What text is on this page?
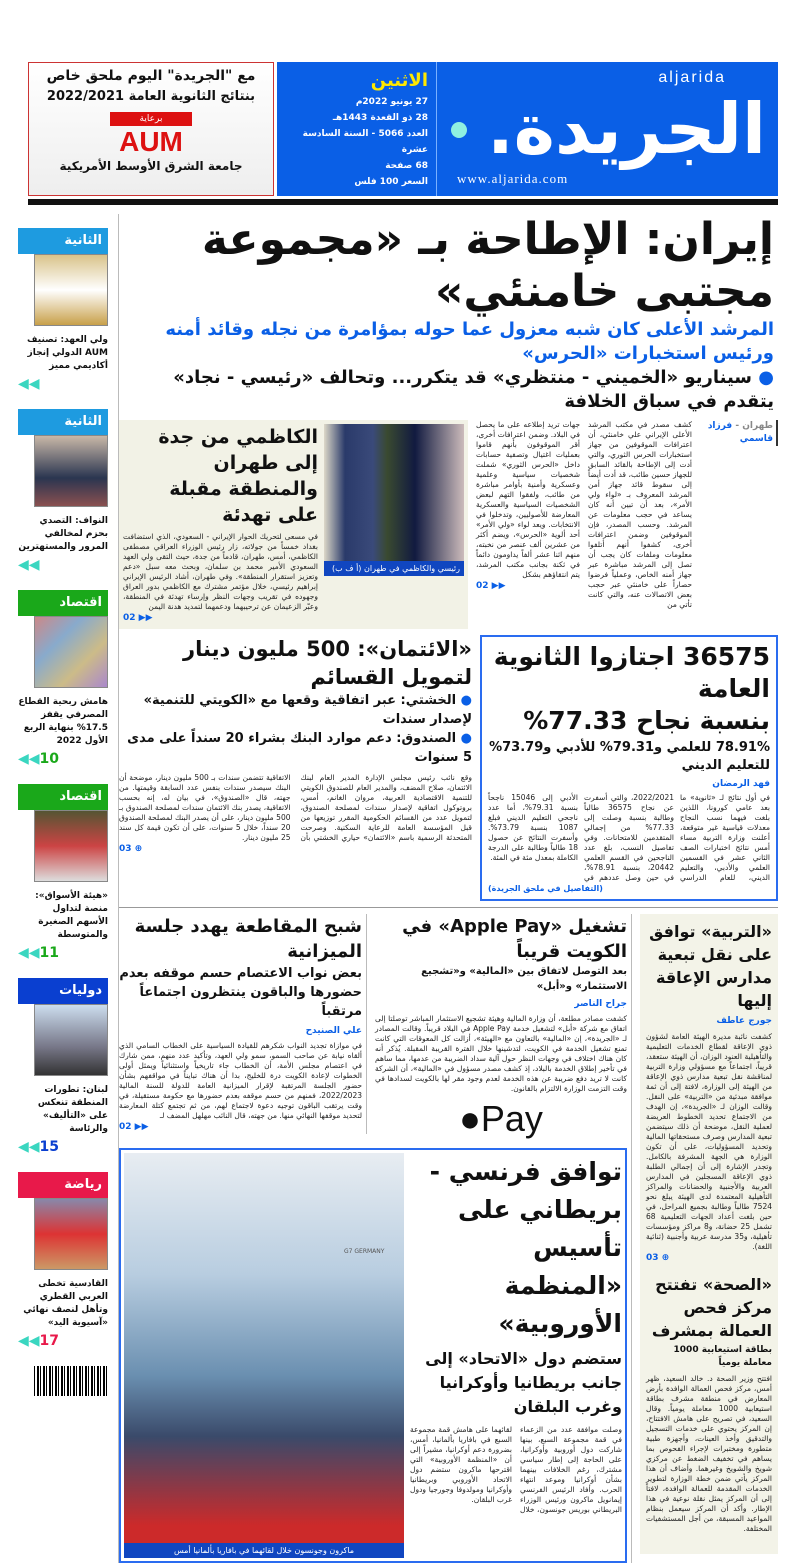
مع "الجريدة" اليوم ملحق خاص
بنتائج الثانوية العامة 2022/2021
برعاية
AUM
جامعة الشرق الأوسط الأمريكية
الاثنين
27 يونيو 2022م
28 ذو القعدة 1443هـ
العدد 5066 - السنة السادسة عشرة
68 صفحة
السعر 100 فلس
aljarida
الجريدة.
www.aljarida.com
الثانية
ولي العهد: تصنيف AUM الدولي إنجاز أكاديمي مميز
◀◀
الثانية
النواف: التصدي بحزم لمخالفي المرور والمستهترين
◀◀
اقتصاد
هامش ربحية القطاع المصرفي يقفز 17.5% بنهاية الربع الأول 2022
◀◀10
اقتصاد
«هيئة الأسواق»: منصة لتداول الأسهم الصغيرة والمتوسطة
◀◀11
دوليات
لبنان: تطورات المنطقة تنعكس على «التأليف» والرئاسة
◀◀15
رياضة
القادسية تخطى العربي القطري وتأهل لنصف نهائي «آسيوية اليد»
◀◀17
إيران: الإطاحة بـ «مجموعة مجتبى خامنئي»
المرشد الأعلى كان شبه معزول عما حوله بمؤامرة من نجله وقائد أمنه ورئيس استخبارات «الحرس»
● سيناريو «الخميني - منتظري» قد يتكرر... وتحالف «رئيسي - نجاد» يتقدم في سباق الخلافة
طهران - فرزاد قاسمي
كشف مصدر في مكتب المرشد الأعلى الإيراني علي خامنئي، أن اعترافات الموقوفين من جهاز استخبارات الحرس الثوري، والتي أدت إلى الإطاحة بالقائد السابق للجهاز حسين طائب، قد أدت أيضاً إلى سقوط قائد جهاز أمن المرشد المعروف بـ «لواء ولي الأمر»، بعد أن تبين أنه كان يساعد في حجب معلومات عن المرشد. وحسب المصدر، فإن الموقوفين وضمن اعترافات أخرى، كشفوا أنهم أتلفوا معلومات وملفات كان يجب أن تصل إلى المرشد مباشرة عبر جهاز أمنه الخاص، وعملياً فرضوا حصاراً على خامنئي عبر حجب بعض الاتصالات عنه، والتي كانت تأتي من
جهات تريد إطلاعه على ما يحصل في البلاد. وضمن اعترافات أخرى، أقر الموقوفون بأنهم قاموا بعمليات اغتيال وتصفية حسابات داخل «الحرس الثوري» شملت شخصيات سياسية وعلمية وعسكرية وأمنية بأوامر مباشرة من طائب، ولفقوا التهم لبعض الشخصيات السياسية والعسكرية المعارضة للأصوليين، وتدخلوا في الانتخابات. ويعد لواء «ولي الأمر» أحد ألوية «الحرس»، ويضم أكثر من عشرين ألف عنصر من نخبته، منهم اثنا عشر ألفاً يداومون دائماً في ثكنة بجانب مكتب المرشد، يتم انتقاؤهم بشكل
02 ▶▶
رئيسي والكاظمي في طهران (أ ف ب)
الكاظمي من جدة إلى طهران والمنطقة مقبلة على تهدئة
في مسعى لتحريك الحوار الإيراني - السعودي، الذي استضافت بغداد خمساً من جولاته، زار رئيس الوزراء العراقي مصطفى الكاظمي، أمس، طهران، قادماً من جدة، حيث التقى ولي العهد السعودي الأمير محمد بن سلمان، وبحث معه سبل «دعم وتعزيز استقرار المنطقة». وفي طهران، أشاد الرئيس الإيراني إبراهيم رئيسي، خلال مؤتمر مشترك مع الكاظمي بدور العراق وجهوده في تقريب وجهات النظر وإرساء تهدئة في المنطقة، وعبّر الزعيمان عن ترحيبهما ودعمهما لتمديد هدنة اليمن
02 ▶▶
36575 اجتازوا الثانوية العامة
بنسبة نجاح 77.33%
78.91% للعلمي و79.31% للأدبي و73.79% للتعليم الديني
فهد الرمضان
في أول نتائج لـ «ثانوية» ما بعد عامي كورونا، اللذين بلغت فيهما نسب النجاح معدلات قياسية غير متوقعة، أعلنت وزارة التربية مساء أمس نتائج اختبارات الصف الثاني عشر في القسمين العلمي والأدبي، والتعليم الديني، للعام الدراسي 2022/2021، والتي أسفرت عن نجاح 36575 طالباً وطالبة بنسبة وصلت إلى 77.33% من إجمالي المتقدمين للامتحانات. وفي تفاصيل النسب، بلغ عدد الناجحين في القسم العلمي 20442، بنسبة 78.91%، في حين وصل عددهم في الأدبي إلى 15046 ناجحاً بنسبة 79.31%، أما عدد ناجحي التعليم الديني فبلغ 1087 بنسبة 73.79%. وأسفرت النتائج عن حصول 18 طالباً وطالبة على الدرجة الكاملة بمعدل مئة في المئة.
(التفاصيل في ملحق الجريدة)
«الائتمان»: 500 مليون دينار لتمويل القسائم
● الخشتي: عبر اتفاقية وقعها مع «الكويتي للتنمية» لإصدار سندات
● الصندوق: دعم موارد البنك بشراء 20 سنداً على مدى 5 سنوات
وقع نائب رئيس مجلس الإدارة المدير العام لبنك الائتمان، صلاح المضف، والمدير العام للصندوق الكويتي للتنمية الاقتصادية العربية، مروان الغانم، أمس، بروتوكول اتفاقية لإصدار سندات لمصلحة الصندوق، لتمويل عدد من القسائم الحكومية المقرر توزيعها من قبل المؤسسة العامة للرعاية السكنية. وصرحت المتحدثة الرسمية باسم «الائتمان» حياري الخشتي بأن الاتفاقية تتضمن سندات بـ 500 مليون دينار، موضحة أن البنك سيصدر سندات بنفس عدد السابقة وقيمتها. من جهته، قال «الصندوق»، في بيان له، إنه بحسب الاتفاقية، يصدر بنك الائتمان سندات لمصلحة الصندوق بـ 500 مليون دينار، على أن يصدر البنك لمصلحة الصندوق 20 سنداً، خلال 5 سنوات، على أن تكون قيمة كل سند 25 مليون دينار.
03 ⊕
«التربية» توافق على نقل تبعية مدارس الإعاقة إليها
جورج عاطف
كشفت نائبة مديرة الهيئة العامة لشؤون ذوي الإعاقة لقطاع الخدمات التعليمية والتأهيلية العنود الوزان، أن الهيئة ستعقد، قريباً، اجتماعاً مع مسؤولي وزارة التربية لمناقشة نقل تبعية مدارس ذوي الإعاقة من الهيئة إلى الوزارة، لافتة إلى أن ثمة موافقة مبدئية من «التربية» على النقل. وقالت الوزان لـ «الجريدة»، إن الهدف من الاجتماع تحديد الخطوط العريضة لعملية النقل، موضحة أن ذلك سيتضمن تبعية المدارس وصرف مستحقاتها المالية وتحديد المسؤوليات، على أن تكون الوزارة هي الجهة المشرفة بالكامل. وتجدر الإشارة إلى أن إجمالي الطلبة ذوي الإعاقة المسجلين في المدارس العربية والأجنبية والحضانات والمراكز التأهيلية المعتمدة لدى الهيئة يبلغ نحو 7524 طالباً وطالبة بجميع المراحل، في حين بلغت أعداد الجهات التعليمية 68 تشمل 25 حضانة، و8 مراكز ومؤسسات تأهيلية، و35 مدرسة عربية وأجنبية (ثنائية اللغة).
03 ⊕
«الصحة» تفتتح مركز فحص العمالة بمشرف
بطاقة استيعابية 1000 معاملة يومياً
افتتح وزير الصحة د. خالد السعيد، ظهر أمس، مركز فحص العمالة الوافدة بأرض المعارض في منطقة مشرف بطاقة استيعابية 1000 معاملة يومياً. وقال السعيد، في تصريح على هامش الافتتاح، إن المركز يحتوي على خدمات التسجيل والتدقيق وأخذ العينات، وأجهزة طبية متطورة ومختبرات لإجراء الفحوص بما يساهم في تخفيف الضغط عن مركزي شويخ والشويخ وغيرهما. وأضاف أن هذا المركز يأتي ضمن خطة الوزارة لتطوير الخدمات المقدمة للعمالة الوافدة، لافتاً إلى أن المركز يمثل نقلة نوعية في هذا الإطار. وأكد أن المركز سيعمل بنظام المواعيد المسبقة، من أجل المستشفيات المختلفة.
تشغيل «Apple Pay» في الكويت قريباً
بعد التوصل لاتفاق بين «المالية» و«تشجيع الاستثمار» و«أبل»
جراح الناصر
كشفت مصادر مطلعة، أن وزارة المالية وهيئة تشجيع الاستثمار المباشر توصلتا إلى اتفاق مع شركة «أبل» لتشغيل خدمة Apple Pay في البلاد قريباً. وقالت المصادر لـ «الجريدة»، إن «المالية» بالتعاون مع «الهيئة»، أزالت كل المعوقات التي كانت تمنع تشغيل الخدمة في الكويت، لتدشينها خلال الفترة القريبة المقبلة. يُذكر أنه كان هناك اختلاف في وجهات النظر حول آلية سداد الضريبة من عدمها، مما ساهم في تأخير إطلاق الخدمة بالبلاد، إذ كشف مصدر مسؤول في «المالية»، أن الشركة كانت لا تريد دفع ضريبة عن هذه الخدمة لعدم وجود مقر لها بالكويت لسدادها في وقت التزمت الوزارة الالتزام بالقانون.
●Pay
شبح المقاطعة يهدد جلسة الميزانية
بعض نواب الاعتصام حسم موقفه بعدم حضورها والباقون ينتظرون اجتماعاً مرتقباً
علي الصنيدح
في موازاة تجديد النواب شكرهم للقيادة السياسية على الخطاب السامي الذي ألقاه نيابة عن صاحب السمو، سمو ولي العهد، وتأكيد عدد منهم، ممن شارك في اعتصام مجلس الأمة، أن الخطاب جاء تاريخياً واستثنائياً ويمثل أولى الخطوات لإعادة الكويت درة للخليج، بدا أن هناك تبايناً في مواقفهم بشأن حضور الجلسة المرتقبة لإقرار الميزانية العامة للدولة للسنة المالية 2022/2023، فمنهم من حسم موقفه بعدم حضورها مع حكومة مستقيلة، في وقت يرتقب الباقون توجيه دعوة لاجتماع لهم، من ثم تجتمع كتلة المعارضة لتحديد موقفها النهائي منها. من جهته، قال النائب مهلهل المضف لـ
02 ▶▶
توافق فرنسي - بريطاني على تأسيس «المنظمة الأوروبية»
ستضم دول «الاتحاد» إلى جانب بريطانيا وأوكرانيا وغرب البلقان
وصلت موافقة عدد من الزعماء في قمة مجموعة السبع، بينها شاركت دول أوروبية وأوكرانيا، على الحاجة إلى إطار سياسي مشترك، رغم الخلافات بينهما بشأن أوكرانيا وموعد انتهاء الحرب. وأفاد الرئيس الفرنسي إيمانويل ماكرون ورئيس الوزراء البريطاني بوريس جونسون، خلال لقائهما على هامش قمة مجموعة السبع في بافاريا بألمانيا، أمس، بضرورة دعم أوكرانيا، مشيراً إلى أن «المنظمة الأوروبية» التي اقترحها ماكرون ستضم دول الاتحاد الأوروبي وبريطانيا وأوكرانيا ومولدوفا وجورجيا ودول غرب البلقان.
G7 GERMANY
ماكرون وجونسون خلال لقائهما في بافاريا بألمانيا أمس
